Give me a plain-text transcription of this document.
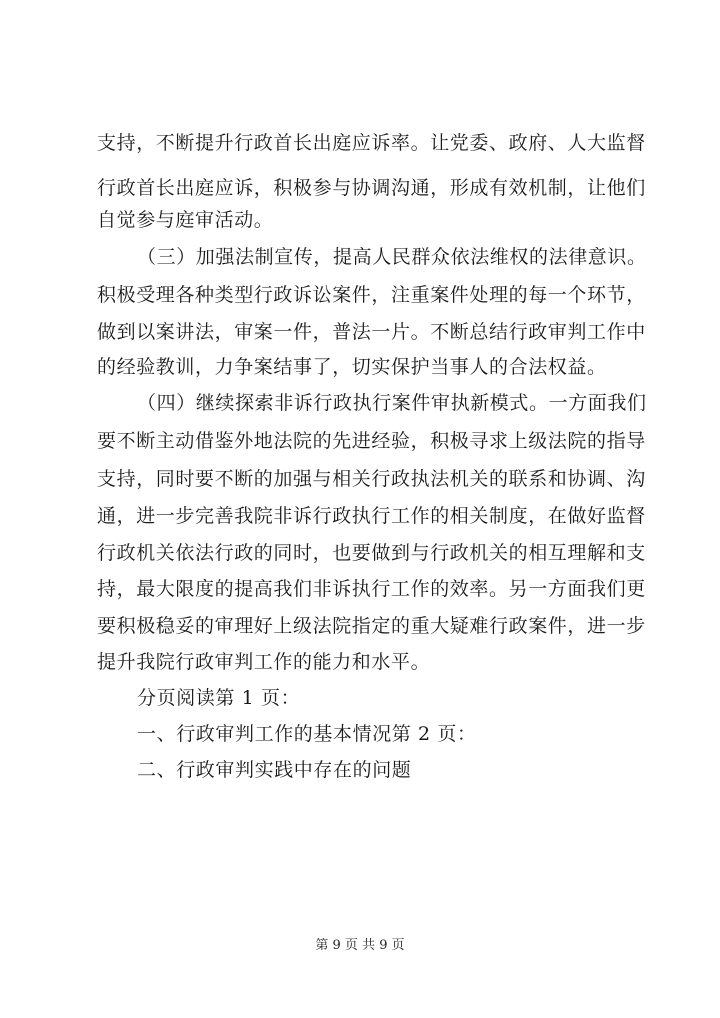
支持，不断提升行政首长出庭应诉率。让党委、政府、人大监督
行政首长出庭应诉，积极参与协调沟通，形成有效机制，让他们
自觉参与庭审活动。
（三）加强法制宣传，提高人民群众依法维权的法律意识。
积极受理各种类型行政诉讼案件，注重案件处理的每一个环节，
做到以案讲法，审案一件，普法一片。不断总结行政审判工作中
的经验教训，力争案结事了，切实保护当事人的合法权益。
（四）继续探索非诉行政执行案件审执新模式。一方面我们
要不断主动借鉴外地法院的先进经验，积极寻求上级法院的指导
支持，同时要不断的加强与相关行政执法机关的联系和协调、沟
通，进一步完善我院非诉行政执行工作的相关制度，在做好监督
行政机关依法行政的同时，也要做到与行政机关的相互理解和支
持，最大限度的提高我们非诉执行工作的效率。另一方面我们更
要积极稳妥的审理好上级法院指定的重大疑难行政案件，进一步
提升我院行政审判工作的能力和水平。
分页阅读第 1 页：
一、行政审判工作的基本情况第 2 页：
二、行政审判实践中存在的问题
第 9 页 共 9 页
